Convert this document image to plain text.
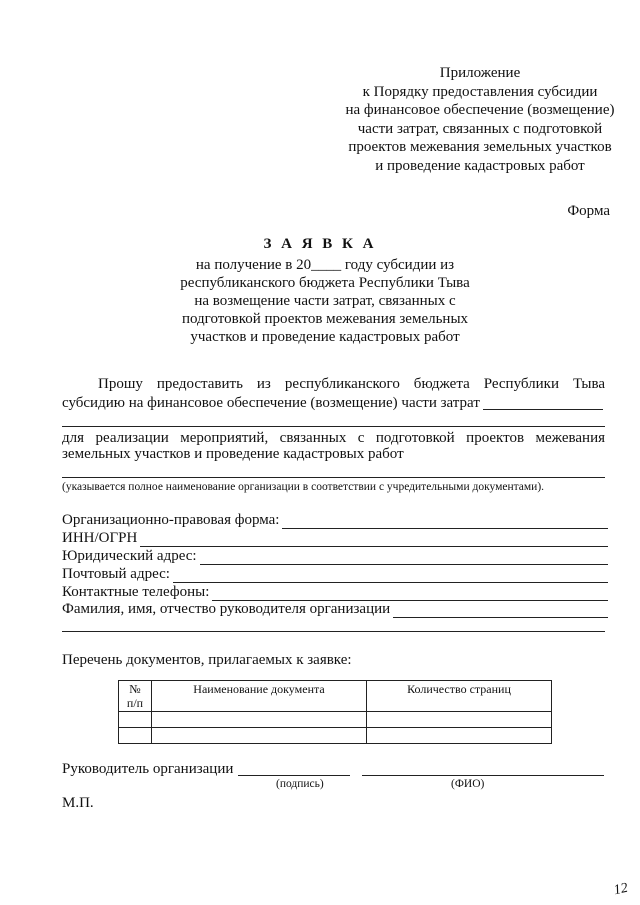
Приложение
к Порядку предоставления субсидии
на финансовое обеспечение (возмещение)
части затрат, связанных с подготовкой
проектов межевания земельных участков
и проведение кадастровых работ
Форма
З А Я В К А
на получение в 20____ году субсидии из
республиканского бюджета Республики Тыва
на возмещение части затрат, связанных с
подготовкой проектов межевания земельных
участков и проведение кадастровых работ
Прошу предоставить из республиканского бюджета Республики Тыва
субсидию на финансовое обеспечение (возмещение) части затрат
для реализации мероприятий, связанных с подготовкой проектов межевания
земельных участков и проведение кадастровых работ
(указывается полное наименование организации в соответствии с учредительными документами).
Организационно-правовая форма:
ИНН/ОГРН
Юридический адрес:
Почтовый адрес:
Контактные телефоны:
Фамилия, имя, отчество руководителя организации
Перечень документов, прилагаемых к заявке:
№
п/п	Наименование документа	Количество страниц

Руководитель организации
(подпись)	(ФИО)
М.П.
12
